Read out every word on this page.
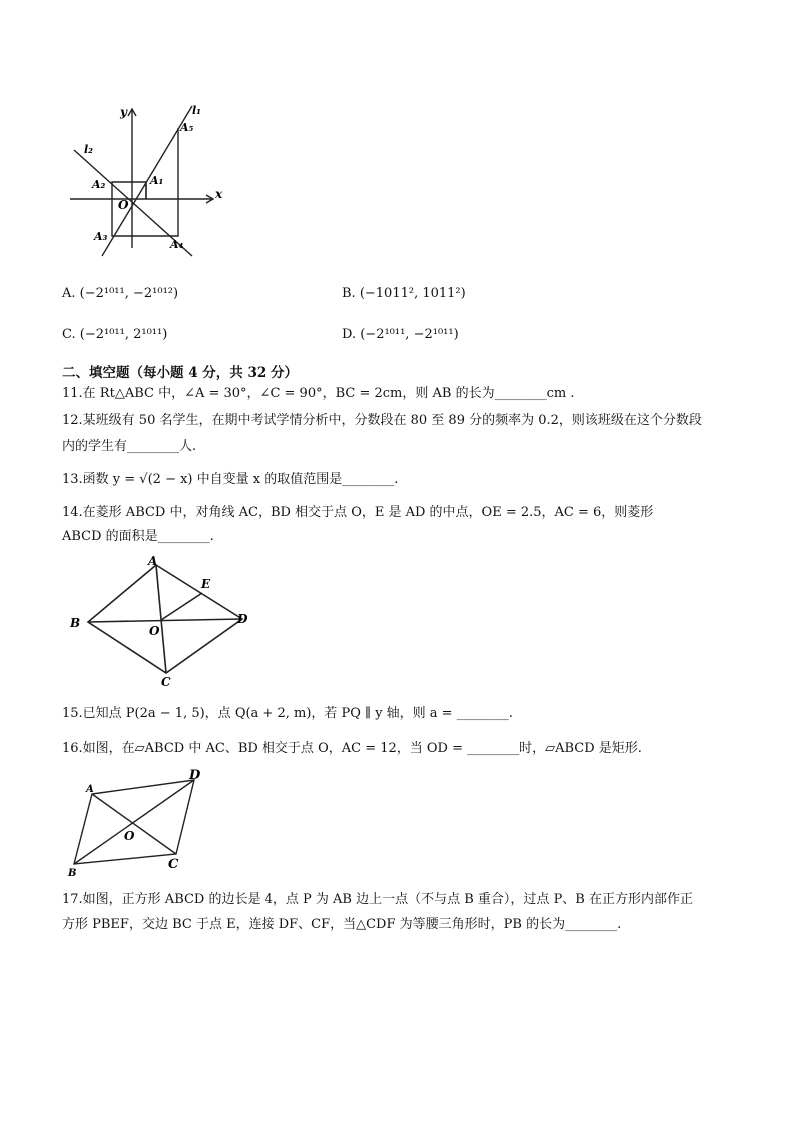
y
x
l₁
l₂
O
A₁
A₂
A₃
A₄
A₅
A. (−2¹⁰¹¹, −2¹⁰¹²)	B. (−1011², 1011²)
C. (−2¹⁰¹¹, 2¹⁰¹¹)	D. (−2¹⁰¹¹, −2¹⁰¹¹)
二、填空题（每小题 4 分，共 32 分）
11.在 Rt△ABC 中，∠A = 30°，∠C = 90°，BC = 2cm，则 AB 的长为________cm .
12.某班级有 50 名学生，在期中考试学情分析中，分数段在 80 至 89 分的频率为 0.2，则该班级在这个分数段
内的学生有________人.
13.函数 y = √(2 − x) 中自变量 x 的取值范围是________.
14.在菱形 ABCD 中，对角线 AC，BD 相交于点 O，E 是 AD 的中点，OE = 2.5，AC = 6，则菱形
ABCD 的面积是________.
A
E
B	D
O
C
15.已知点 P(2a − 1, 5)，点 Q(a + 2, m)，若 PQ ∥ y 轴，则 a = ________.
16.如图，在▱ABCD 中 AC、BD 相交于点 O，AC = 12，当 OD = ________时，▱ABCD 是矩形.
A
D
O
B
C
17.如图，正方形 ABCD 的边长是 4，点 P 为 AB 边上一点（不与点 B 重合），过点 P、B 在正方形内部作正
方形 PBEF，交边 BC 于点 E，连接 DF、CF，当△CDF 为等腰三角形时，PB 的长为________.
